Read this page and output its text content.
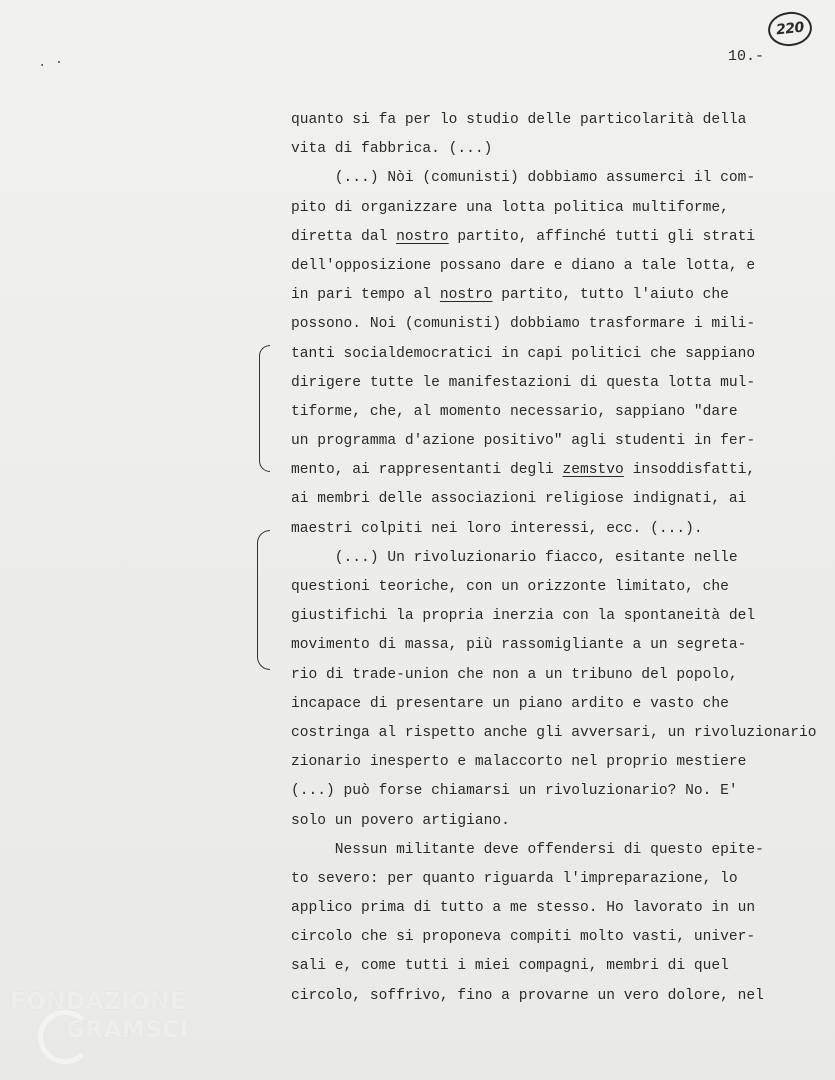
. ·
220
10.-
quanto si fa per lo studio delle particolarità della
vita di fabbrica. (...)
(...) Nòi (comunisti) dobbiamo assumerci il com-
pito di organizzare una lotta politica multiforme,
diretta dal nostro partito, affinché tutti gli strati
dell'opposizione possano dare e diano a tale lotta, e
in pari tempo al nostro partito, tutto l'aiuto che
possono. Noi (comunisti) dobbiamo trasformare i mili-
tanti socialdemocratici in capi politici che sappiano
dirigere tutte le manifestazioni di questa lotta mul-
tiforme, che, al momento necessario, sappiano "dare
un programma d'azione positivo" agli studenti in fer-
mento, ai rappresentanti degli zemstvo insoddisfatti,
ai membri delle associazioni religiose indignati, ai
maestri colpiti nei loro interessi, ecc. (...).
(...) Un rivoluzionario fiacco, esitante nelle
questioni teoriche, con un orizzonte limitato, che
giustifichi la propria inerzia con la spontaneità del
movimento di massa, più rassomigliante a un segreta-
rio di trade-union che non a un tribuno del popolo,
incapace di presentare un piano ardito e vasto che
costringa al rispetto anche gli avversari, un rivoluzionario
zionario inesperto e malaccorto nel proprio mestiere
(...) può forse chiamarsi un rivoluzionario? No. E'
solo un povero artigiano.
Nessun militante deve offendersi di questo epite-
to severo: per quanto riguarda l'impreparazione, lo
applico prima di tutto a me stesso. Ho lavorato in un
circolo che si proponeva compiti molto vasti, univer-
sali e, come tutti i miei compagni, membri di quel
circolo, soffrivo, fino a provarne un vero dolore, nel
FONDAZIONE
GRAMSCI
